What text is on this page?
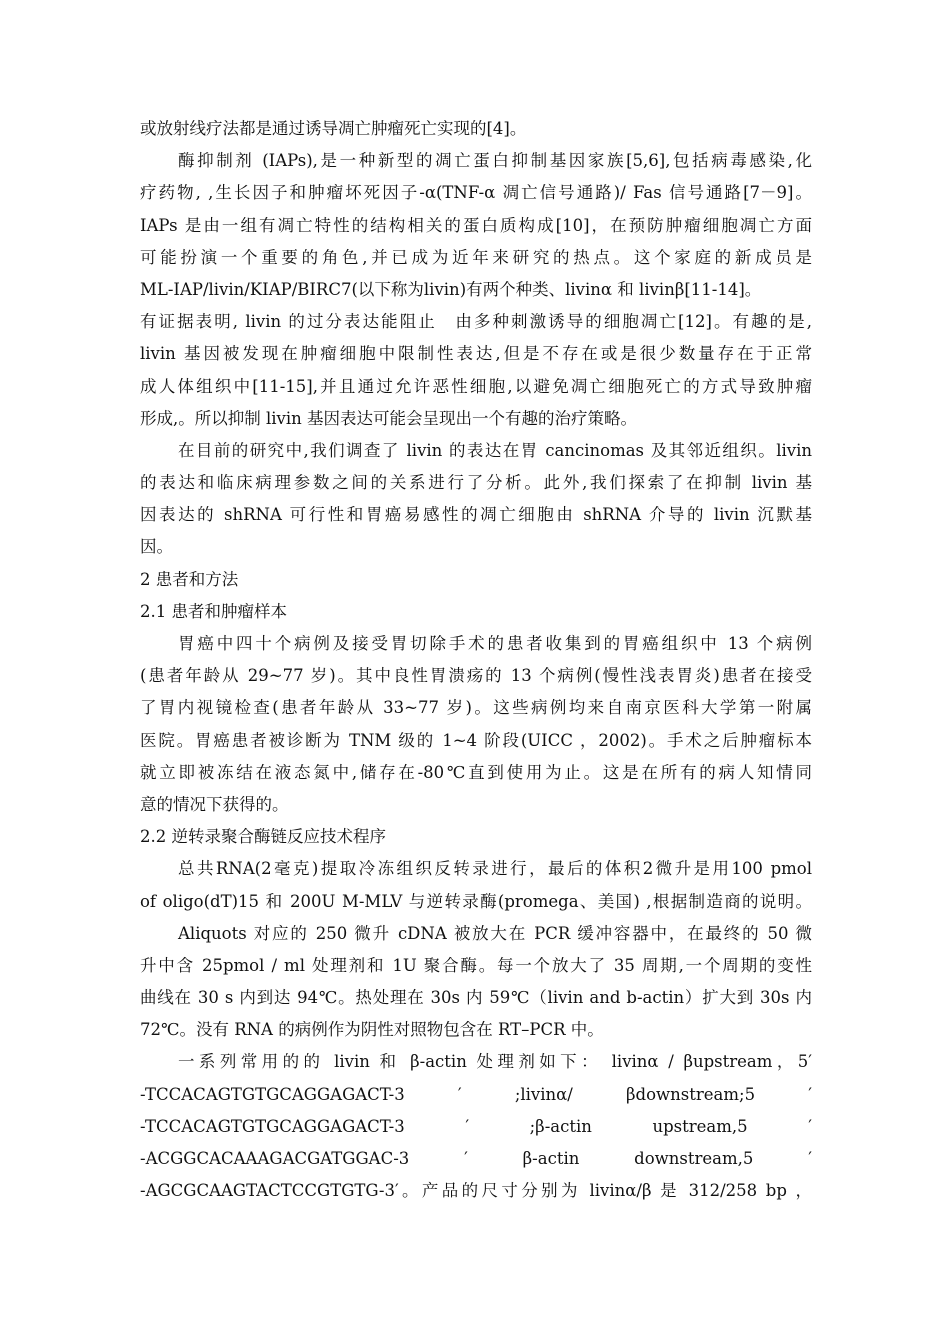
或放射线疗法都是通过诱导凋亡肿瘤死亡实现的[4]。
酶抑制剂 (IAPs),是一种新型的凋亡蛋白抑制基因家族[5,6],包括病毒感染,化
疗药物, ,生长因子和肿瘤坏死因子-α(TNF-α 凋亡信号通路)/ Fas 信号通路[7－9]。
IAPs 是由一组有凋亡特性的结构相关的蛋白质构成[10]，在预防肿瘤细胞凋亡方面
可能扮演一个重要的角色,并已成为近年来研究的热点。这个家庭的新成员是
ML-IAP/livin/KIAP/BIRC7(以下称为livin)有两个种类、livinα 和 livinβ[11-14]。
有证据表明, livin 的过分表达能阻止　由多种刺激诱导的细胞凋亡[12]。有趣的是,
livin 基因被发现在肿瘤细胞中限制性表达,但是不存在或是很少数量存在于正常
成人体组织中[11-15],并且通过允许恶性细胞,以避免凋亡细胞死亡的方式导致肿瘤
形成,。所以抑制 livin 基因表达可能会呈现出一个有趣的治疗策略。
在目前的研究中,我们调查了 livin 的表达在胃 cancinomas 及其邻近组织。livin
的表达和临床病理参数之间的关系进行了分析。此外,我们探索了在抑制 livin 基
因表达的 shRNA 可行性和胃癌易感性的凋亡细胞由 shRNA 介导的 livin 沉默基
因。
2 患者和方法
2.1 患者和肿瘤样本
胃癌中四十个病例及接受胃切除手术的患者收集到的胃癌组织中 13 个病例
(患者年龄从 29~77 岁)。其中良性胃溃疡的 13 个病例(慢性浅表胃炎)患者在接受
了胃内视镜检查(患者年龄从 33~77 岁)。这些病例均来自南京医科大学第一附属
医院。胃癌患者被诊断为 TNM 级的 1~4 阶段(UICC ，2002)。手术之后肿瘤标本
就立即被冻结在液态氮中,储存在-80℃直到使用为止。这是在所有的病人知情同
意的情况下获得的。
2.2 逆转录聚合酶链反应技术程序
总共RNA(2毫克)提取冷冻组织反转录进行，最后的体积2微升是用100 pmol
of oligo(dT)15 和 200U M-MLV 与逆转录酶(promega、美国) ,根据制造商的说明。
Aliquots 对应的 250 微升 cDNA 被放大在 PCR 缓冲容器中，在最终的 50 微
升中含 25pmol / ml 处理剂和 1U 聚合酶。每一个放大了 35 周期,一个周期的变性
曲线在 30 s 内到达 94℃。热处理在 30s 内 59℃（livin and b-actin）扩大到 30s 内
72℃。没有 RNA 的病例作为阴性对照物包含在 RT–PCR 中。
一系列常用的的 livin 和 β-actin 处理剂如下： livinα / βupstream，5′
-TCCACAGTGTGCAGGAGACT-3	′	;livinα/	βdownstream;5	′
-TCCACAGTGTGCAGGAGACT-3	′	;β-actin	upstream,5	′
-ACGGCACAAAGACGATGGAC-3	′	β-actin	downstream,5	′
-AGCGCAAGTACTCCGTGTG-3′。产品的尺寸分别为 livinα/β 是 312/258 bp ，
